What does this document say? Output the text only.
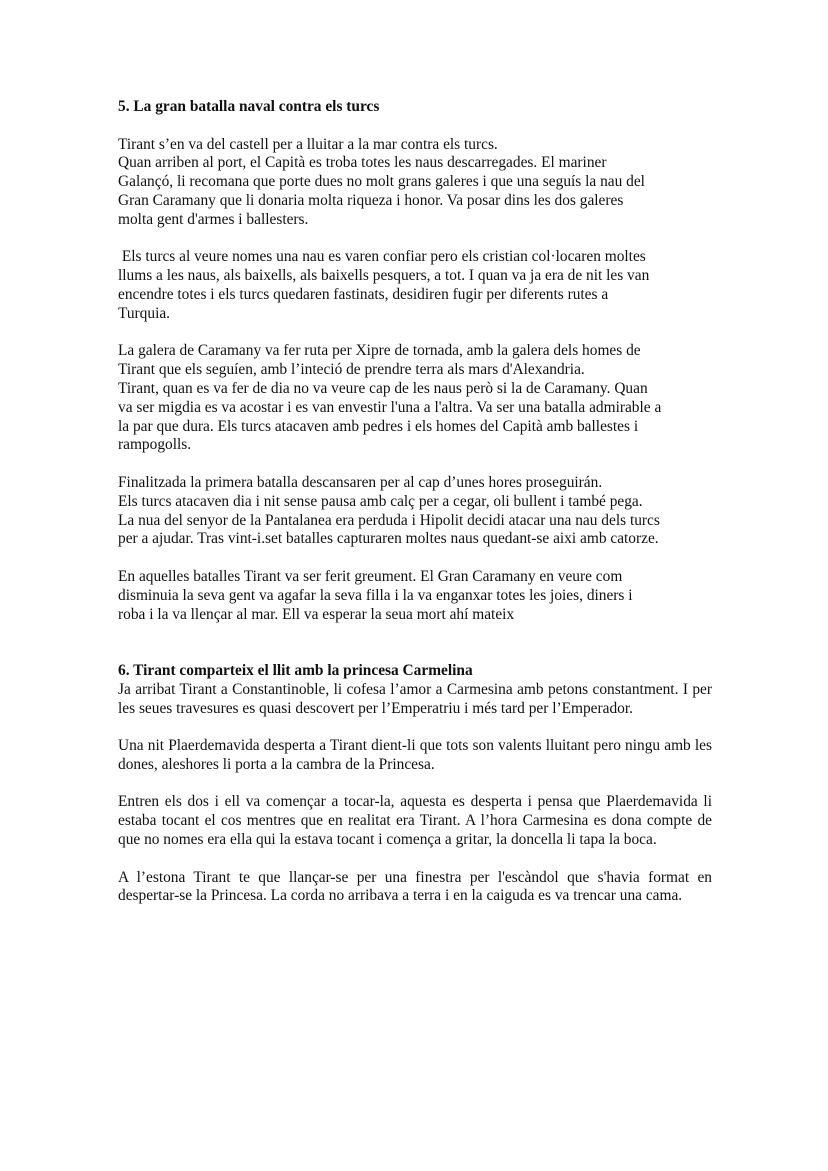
5. La gran batalla naval contra els turcs

Tirant s’en va del castell per a lluitar a la mar contra els turcs.
Quan arriben al port, el Capità es troba totes les naus descarregades. El mariner
Galançó, li recomana que porte dues no molt grans galeres i que una seguís la nau del
Gran Caramany que li donaria molta riqueza i honor. Va posar dins les dos galeres
molta gent d'armes i ballesters.

Els turcs al veure nomes una nau es varen confiar pero els cristian col·locaren moltes
llums a les naus, als baixells, als baixells pesquers, a tot. I quan va ja era de nit les van
encendre totes i els turcs quedaren fastinats, desidiren fugir per diferents rutes a
Turquia.

La galera de Caramany va fer ruta per Xipre de tornada, amb la galera dels homes de
Tirant que els seguíen, amb l’inteció de prendre terra als mars d'Alexandria.
Tirant, quan es va fer de dia no va veure cap de les naus però si la de Caramany. Quan
va ser migdia es va acostar i es van envestir l'una a l'altra. Va ser una batalla admirable a
la par que dura. Els turcs atacaven amb pedres i els homes del Capità amb ballestes i
rampogolls.

Finalitzada la primera batalla descansaren per al cap d’unes hores proseguirán.
Els turcs atacaven dia i nit sense pausa amb calç per a cegar, oli bullent i també pega.
La nua del senyor de la Pantalanea era perduda i Hipolit decidi atacar una nau dels turcs
per a ajudar. Tras vint-i.set batalles capturaren moltes naus quedant-se aixi amb catorze.

En aquelles batalles Tirant va ser ferit greument. El Gran Caramany en veure com
disminuia la seva gent va agafar la seva filla i la va enganxar totes les joies, diners i
roba i la va llençar al mar. Ell va esperar la seua mort ahí mateix

6. Tirant comparteix el llit amb la princesa Carmelina

Ja arribat Tirant a Constantinoble, li cofesa l’amor a Carmesina amb petons constantment. I per les seues travesures es quasi descovert per l’Emperatriu i més tard per l’Emperador.

Una nit Plaerdemavida desperta a Tirant dient-li que tots son valents lluitant pero ningu amb les dones, aleshores li porta a la cambra de la Princesa.

Entren els dos i ell va començar a tocar-la, aquesta es desperta i pensa que Plaerdemavida li estaba tocant el cos mentres que en realitat era Tirant. A l’hora Carmesina es dona compte de que no nomes era ella qui la estava tocant i comença a gritar, la doncella li tapa la boca.

A l’estona Tirant te que llançar-se per una finestra per l'escàndol que s'havia format en despertar-se la Princesa. La corda no arribava a terra i en la caiguda es va trencar una cama.
